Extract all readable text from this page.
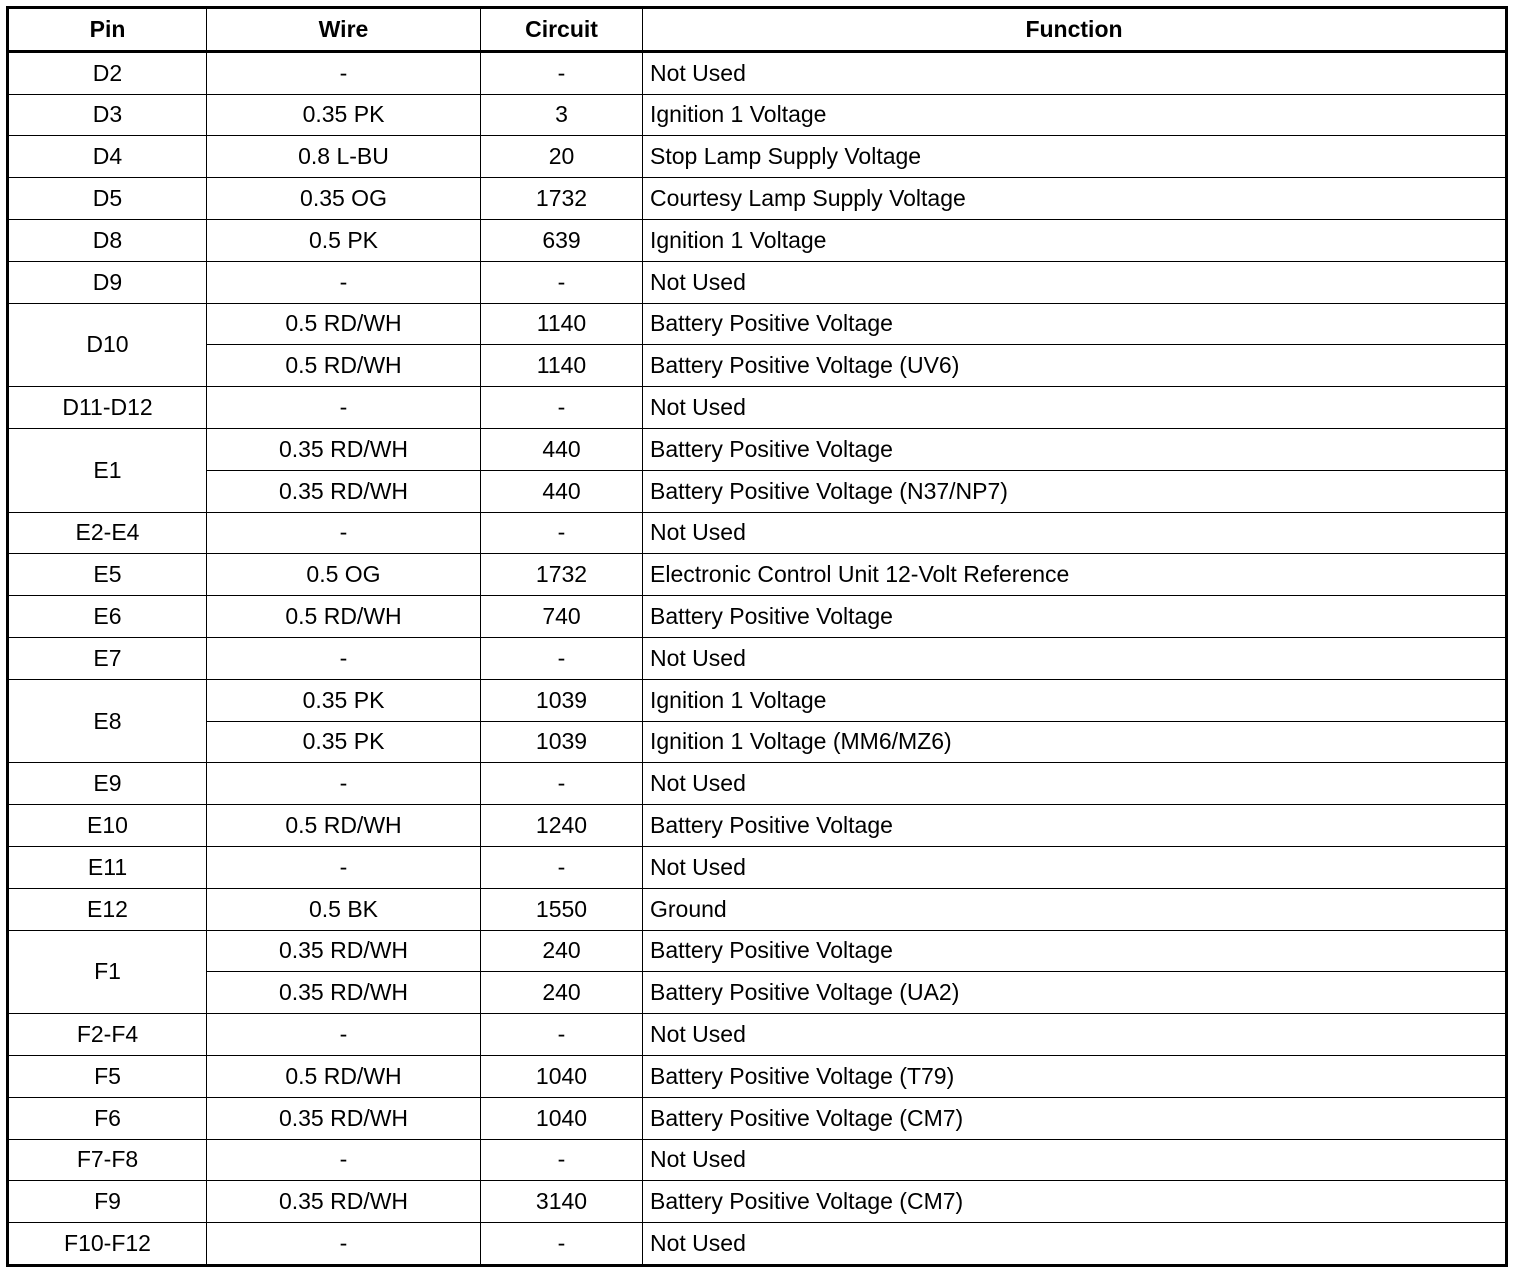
Pin	Wire	Circuit	Function
D2	-	-	Not Used
D3	0.35 PK	3	Ignition 1 Voltage
D4	0.8 L-BU	20	Stop Lamp Supply Voltage
D5	0.35 OG	1732	Courtesy Lamp Supply Voltage
D8	0.5 PK	639	Ignition 1 Voltage
D9	-	-	Not Used
D10	0.5 RD/WH	1140	Battery Positive Voltage
	0.5 RD/WH	1140	Battery Positive Voltage (UV6)
D11-D12	-	-	Not Used
E1	0.35 RD/WH	440	Battery Positive Voltage
	0.35 RD/WH	440	Battery Positive Voltage (N37/NP7)
E2-E4	-	-	Not Used
E5	0.5 OG	1732	Electronic Control Unit 12-Volt Reference
E6	0.5 RD/WH	740	Battery Positive Voltage
E7	-	-	Not Used
E8	0.35 PK	1039	Ignition 1 Voltage
	0.35 PK	1039	Ignition 1 Voltage (MM6/MZ6)
E9	-	-	Not Used
E10	0.5 RD/WH	1240	Battery Positive Voltage
E11	-	-	Not Used
E12	0.5 BK	1550	Ground
F1	0.35 RD/WH	240	Battery Positive Voltage
	0.35 RD/WH	240	Battery Positive Voltage (UA2)
F2-F4	-	-	Not Used
F5	0.5 RD/WH	1040	Battery Positive Voltage (T79)
F6	0.35 RD/WH	1040	Battery Positive Voltage (CM7)
F7-F8	-	-	Not Used
F9	0.35 RD/WH	3140	Battery Positive Voltage (CM7)
F10-F12	-	-	Not Used
